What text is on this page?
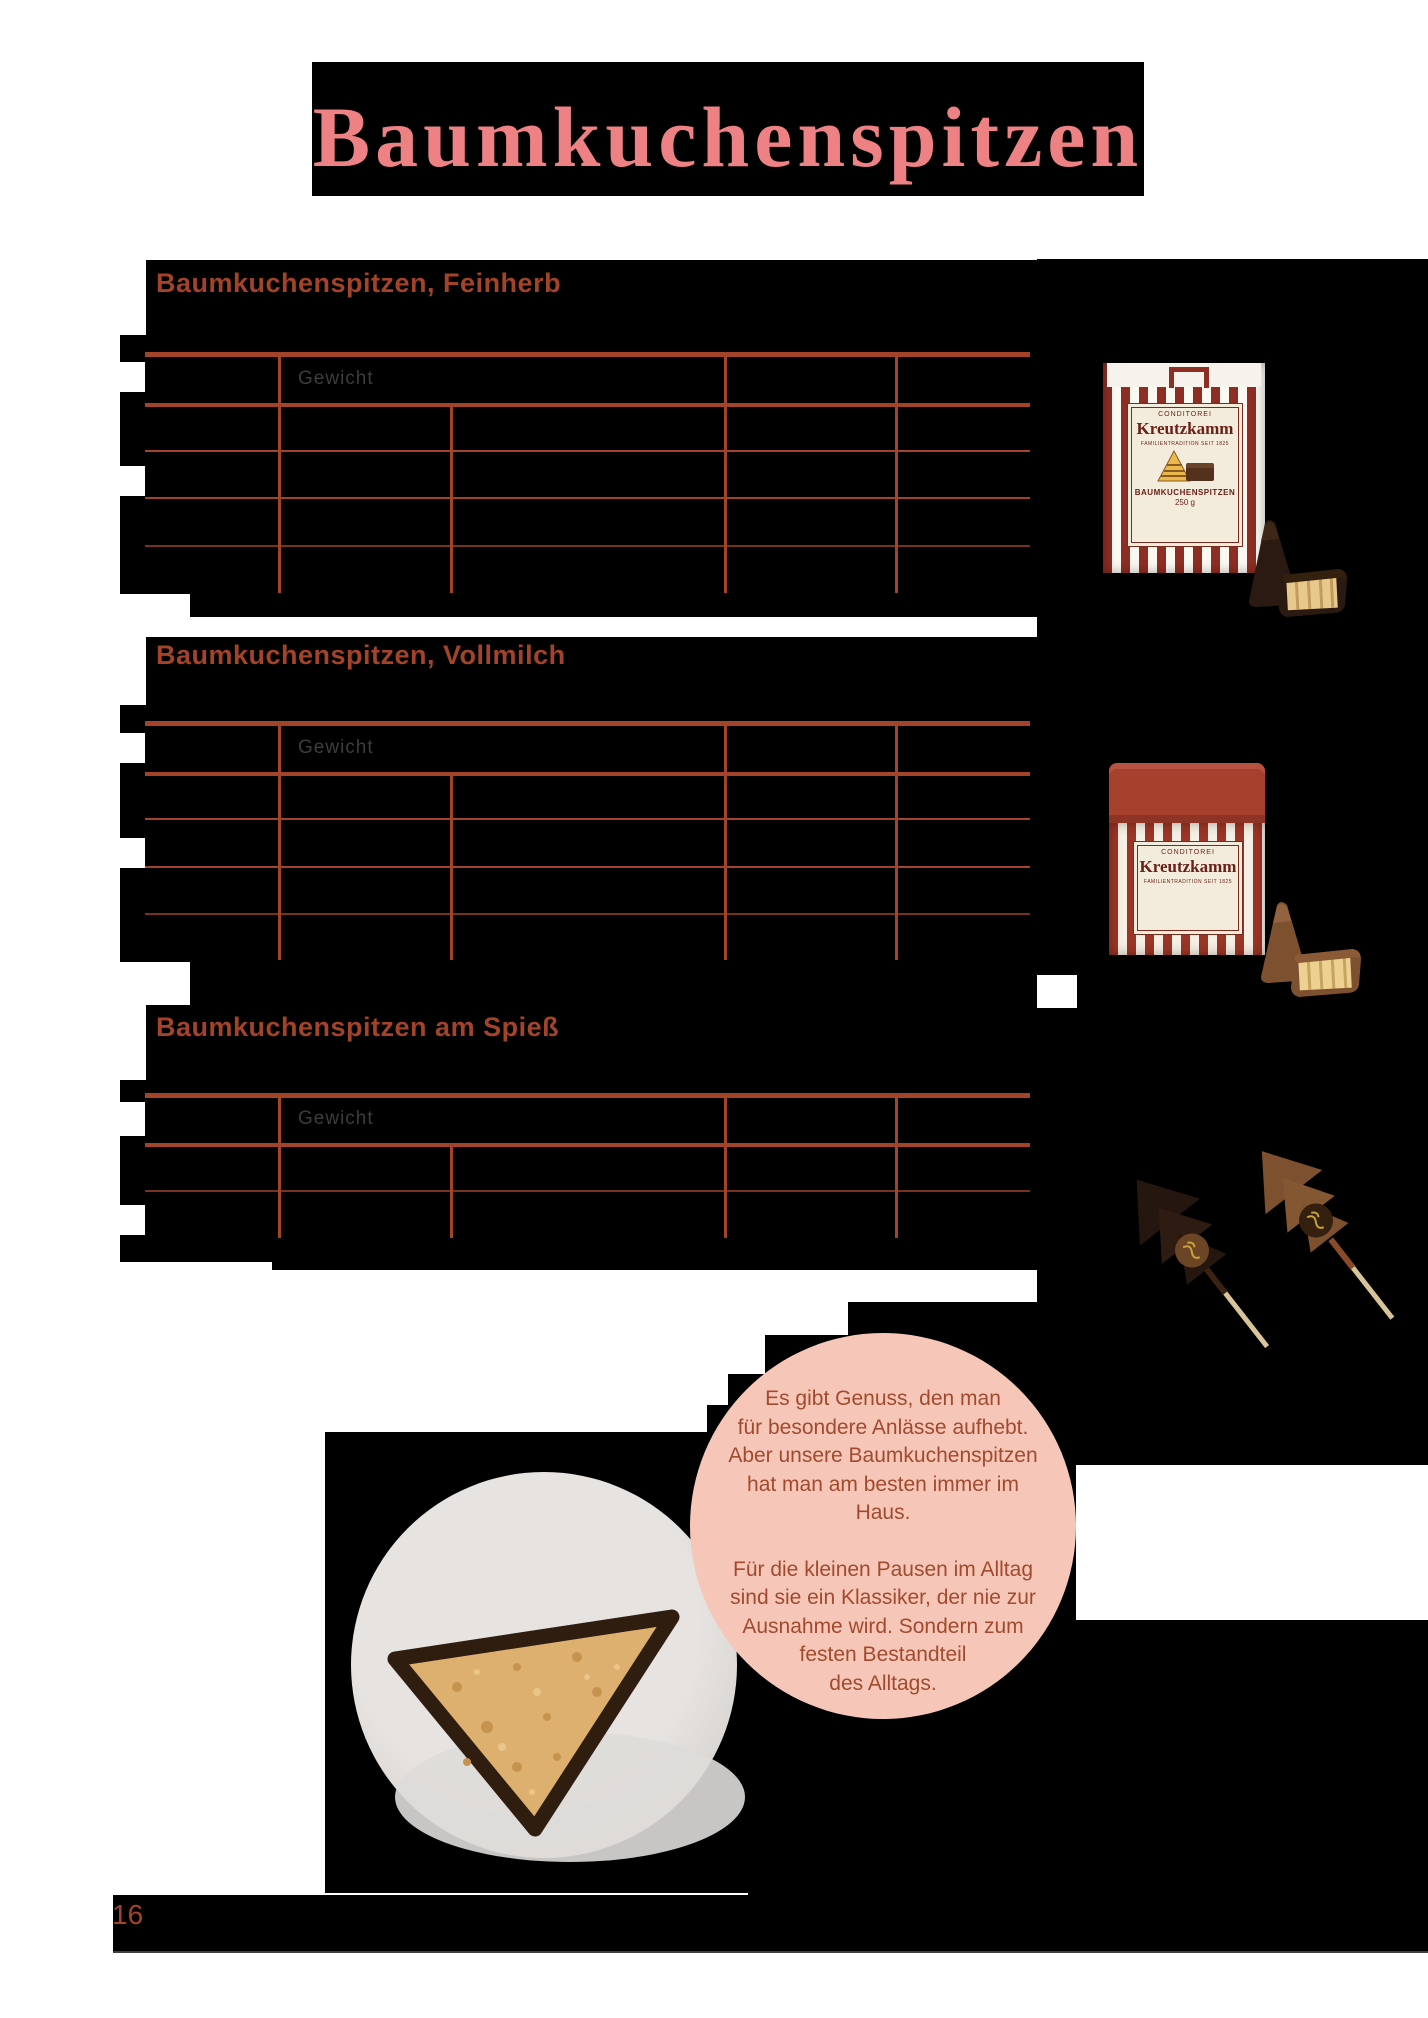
Baumkuchenspitzen
Baumkuchenspitzen, Feinherb
Baumkuchenspitzen, Vollmilch
Baumkuchenspitzen am Spieß
Gewicht
Gewicht
Gewicht
CONDITOREI
Kreutzkamm
FAMILIENTRADITION SEIT 1825
BAUMKUCHENSPITZEN
250 g
CONDITOREI
Kreutzkamm
FAMILIENTRADITION SEIT 1825
Es gibt Genuss, den man
für besondere Anlässe aufhebt.
Aber unsere Baumkuchenspitzen
hat man am besten immer im
Haus.
Für die kleinen Pausen im Alltag
sind sie ein Klassiker, der nie zur
Ausnahme wird. Sondern zum
festen Bestandteil
des Alltags.
16
